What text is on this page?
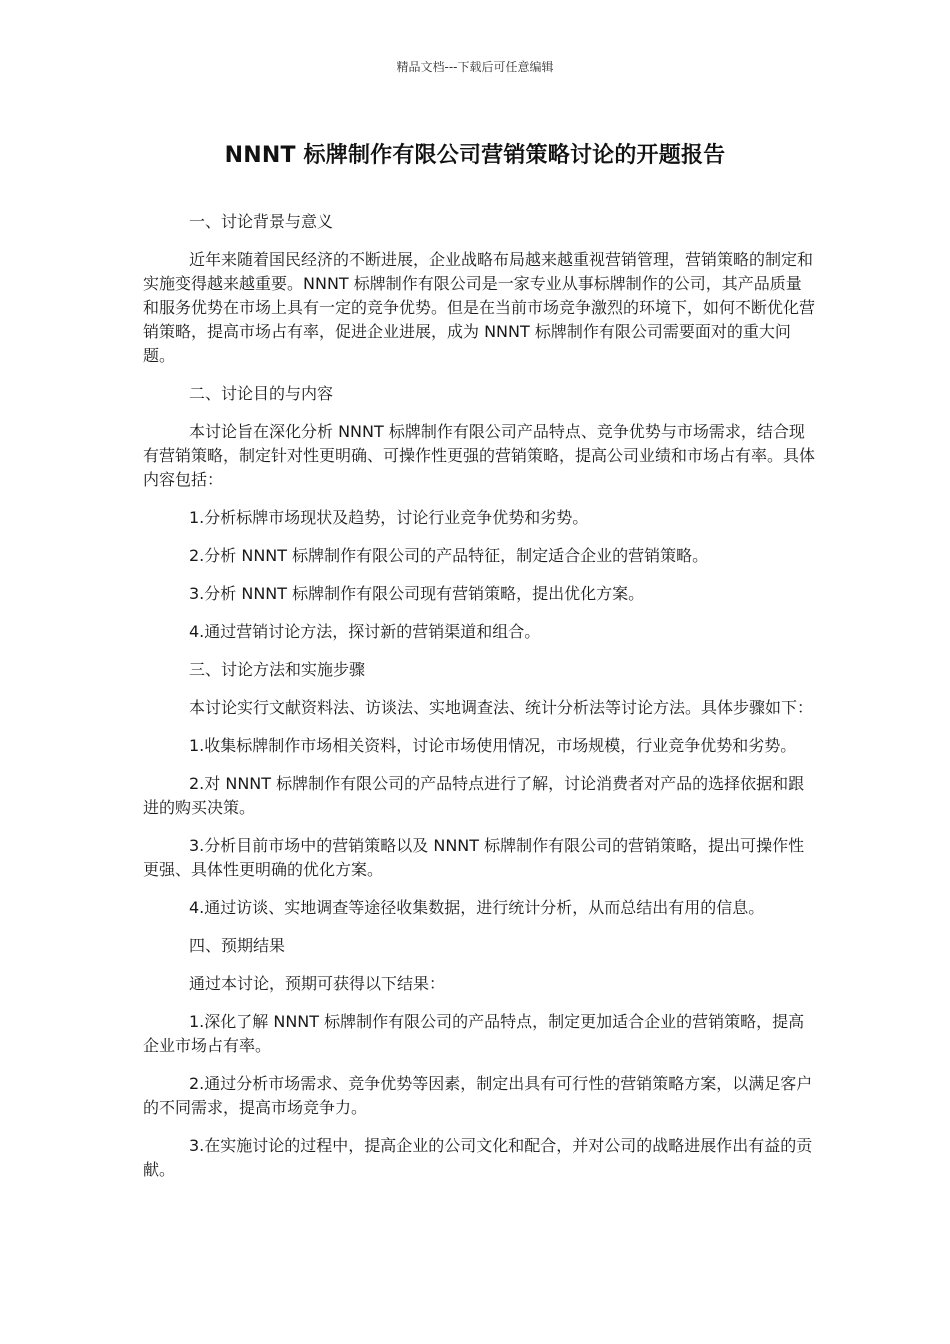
精品文档---下载后可任意编辑
NNNT 标牌制作有限公司营销策略讨论的开题报告

一、讨论背景与意义

近年来随着国民经济的不断进展，企业战略布局越来越重视营销管理，营销策略的制定和实施变得越来越重要。NNNT 标牌制作有限公司是一家专业从事标牌制作的公司，其产品质量和服务优势在市场上具有一定的竞争优势。但是在当前市场竞争激烈的环境下，如何不断优化营销策略，提高市场占有率，促进企业进展，成为 NNNT 标牌制作有限公司需要面对的重大问题。

二、讨论目的与内容

本讨论旨在深化分析 NNNT 标牌制作有限公司产品特点、竞争优势与市场需求，结合现有营销策略，制定针对性更明确、可操作性更强的营销策略，提高公司业绩和市场占有率。具体内容包括：

1.分析标牌市场现状及趋势，讨论行业竞争优势和劣势。

2.分析 NNNT 标牌制作有限公司的产品特征，制定适合企业的营销策略。

3.分析 NNNT 标牌制作有限公司现有营销策略，提出优化方案。

4.通过营销讨论方法，探讨新的营销渠道和组合。

三、讨论方法和实施步骤

本讨论实行文献资料法、访谈法、实地调查法、统计分析法等讨论方法。具体步骤如下：

1.收集标牌制作市场相关资料，讨论市场使用情况，市场规模，行业竞争优势和劣势。

2.对 NNNT 标牌制作有限公司的产品特点进行了解，讨论消费者对产品的选择依据和跟进的购买决策。

3.分析目前市场中的营销策略以及 NNNT 标牌制作有限公司的营销策略，提出可操作性更强、具体性更明确的优化方案。

4.通过访谈、实地调查等途径收集数据，进行统计分析，从而总结出有用的信息。

四、预期结果

通过本讨论，预期可获得以下结果：

1.深化了解 NNNT 标牌制作有限公司的产品特点，制定更加适合企业的营销策略，提高企业市场占有率。

2.通过分析市场需求、竞争优势等因素，制定出具有可行性的营销策略方案，以满足客户的不同需求，提高市场竞争力。

3.在实施讨论的过程中，提高企业的公司文化和配合，并对公司的战略进展作出有益的贡献。
